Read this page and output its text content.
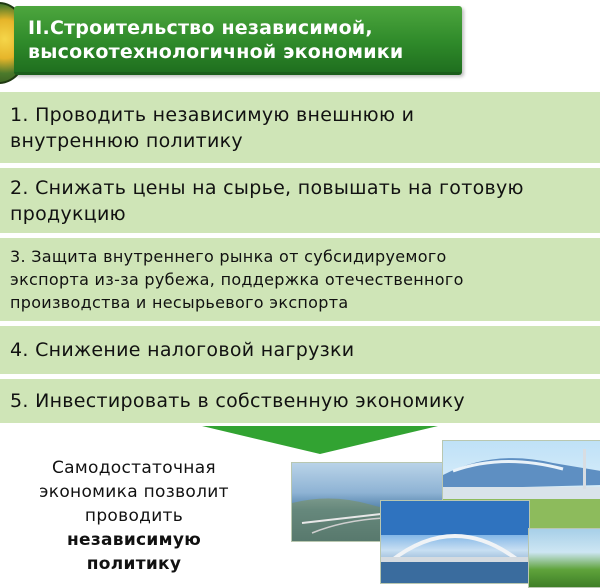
II.Строительство независимой,
высокотехнологичной экономики
1. Проводить независимую внешнюю и
внутреннюю политику
2. Снижать цены на сырье, повышать на готовую
продукцию
3. Защита внутреннего рынка от субсидируемого
экспорта из-за рубежа, поддержка отечественного
производства и несырьевого экспорта
4. Снижение налоговой нагрузки
5. Инвестировать в собственную экономику
Самодостаточная
экономика позволит
проводить
независимую
политику
